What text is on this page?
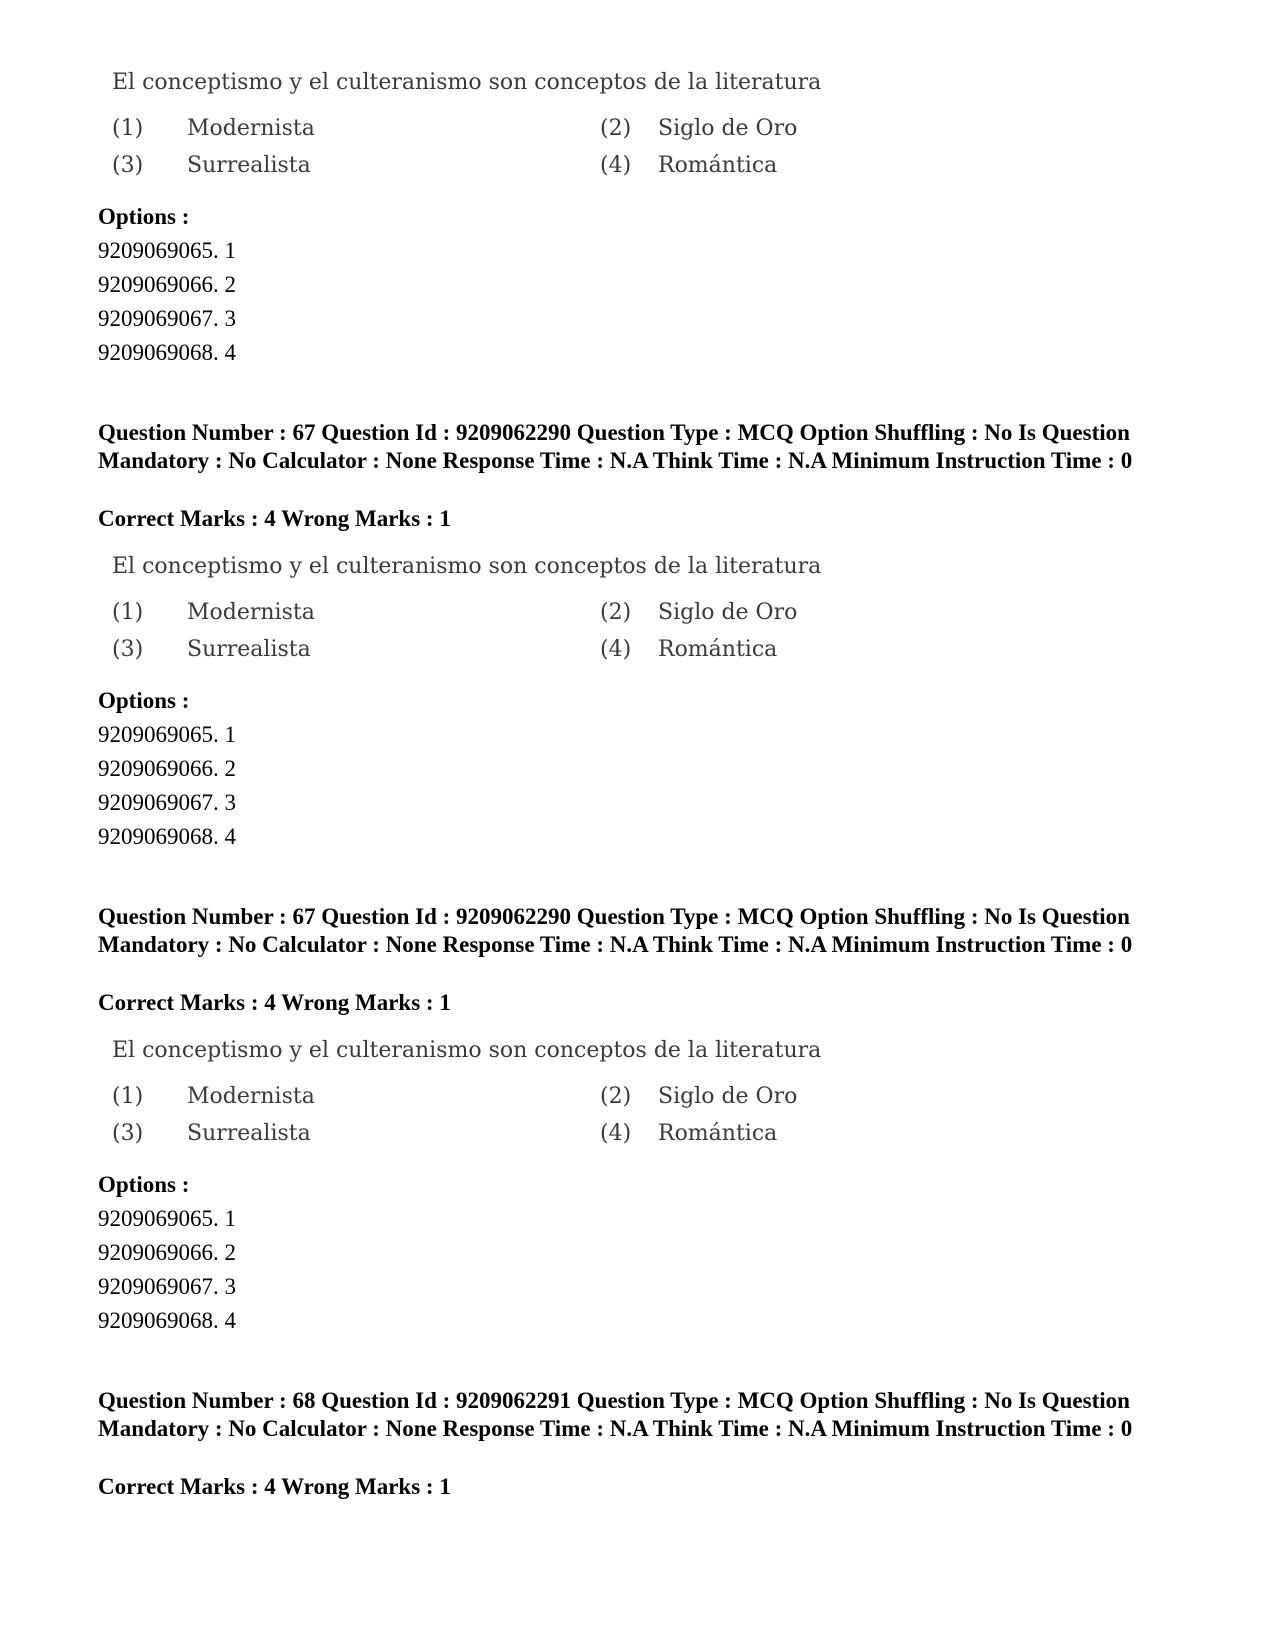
El conceptismo y el culteranismo son conceptos de la literatura
(1) Modernista	(2) Siglo de Oro
(3) Surrealista	(4) Romántica
Options :
9209069065. 1
9209069066. 2
9209069067. 3
9209069068. 4
Question Number : 67 Question Id : 9209062290 Question Type : MCQ Option Shuffling : No Is Question Mandatory : No Calculator : None Response Time : N.A Think Time : N.A Minimum Instruction Time : 0
Correct Marks : 4 Wrong Marks : 1
El conceptismo y el culteranismo son conceptos de la literatura
(1) Modernista	(2) Siglo de Oro
(3) Surrealista	(4) Romántica
Options :
9209069065. 1
9209069066. 2
9209069067. 3
9209069068. 4
Question Number : 67 Question Id : 9209062290 Question Type : MCQ Option Shuffling : No Is Question Mandatory : No Calculator : None Response Time : N.A Think Time : N.A Minimum Instruction Time : 0
Correct Marks : 4 Wrong Marks : 1
El conceptismo y el culteranismo son conceptos de la literatura
(1) Modernista	(2) Siglo de Oro
(3) Surrealista	(4) Romántica
Options :
9209069065. 1
9209069066. 2
9209069067. 3
9209069068. 4
Question Number : 68 Question Id : 9209062291 Question Type : MCQ Option Shuffling : No Is Question Mandatory : No Calculator : None Response Time : N.A Think Time : N.A Minimum Instruction Time : 0
Correct Marks : 4 Wrong Marks : 1
